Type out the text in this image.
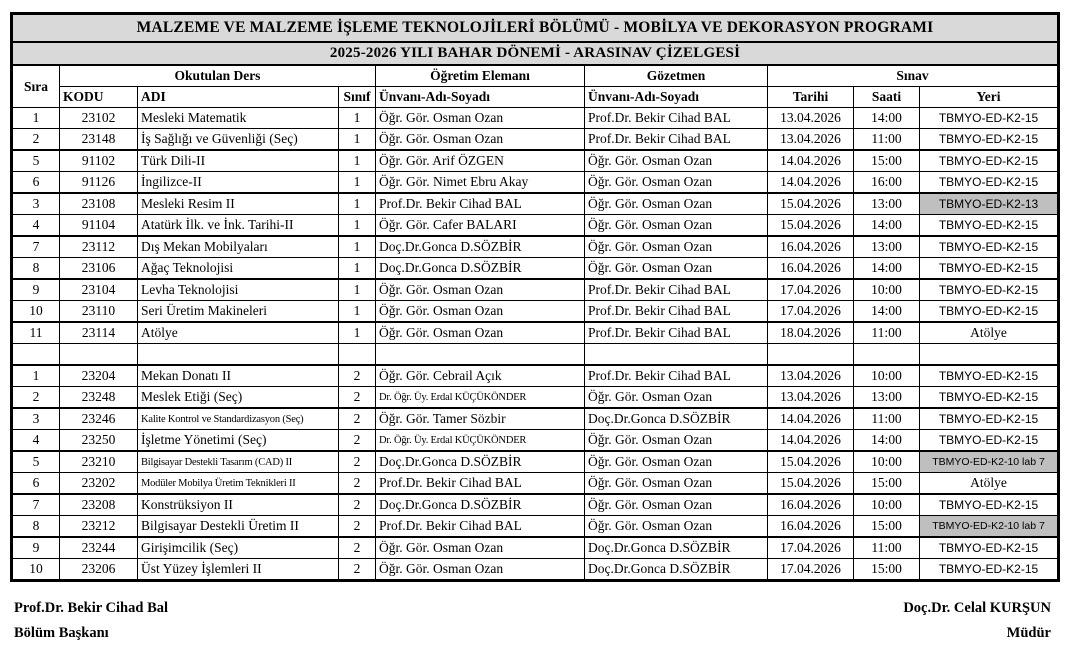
MALZEME VE MALZEME İŞLEME TEKNOLOJİLERİ BÖLÜMÜ - MOBİLYA VE DEKORASYON PROGRAMI								
2025-2026 YILI BAHAR DÖNEMİ - ARASINAV ÇİZELGESİ								
Sıra	Okutulan Ders			Öğretim Elemanı	Gözetmen	Sınav		
	KODU	ADI	Sınıf	Ünvanı-Adı-Soyadı	Ünvanı-Adı-Soyadı	Tarihi	Saati	Yeri
1	23102	Mesleki Matematik	1	Öğr. Gör. Osman Ozan	Prof.Dr. Bekir Cihad BAL	13.04.2026	14:00	TBMYO-ED-K2-15
2	23148	İş Sağlığı ve Güvenliği (Seç)	1	Öğr. Gör. Osman Ozan	Prof.Dr. Bekir Cihad BAL	13.04.2026	11:00	TBMYO-ED-K2-15
5	91102	Türk Dili-II	1	Öğr. Gör. Arif ÖZGEN	Öğr. Gör. Osman Ozan	14.04.2026	15:00	TBMYO-ED-K2-15
6	91126	İngilizce-II	1	Öğr. Gör. Nimet Ebru Akay	Öğr. Gör. Osman Ozan	14.04.2026	16:00	TBMYO-ED-K2-15
3	23108	Mesleki Resim II	1	Prof.Dr. Bekir Cihad BAL	Öğr. Gör. Osman Ozan	15.04.2026	13:00	TBMYO-ED-K2-13
4	91104	Atatürk İlk. ve İnk. Tarihi-II	1	Öğr. Gör. Cafer BALARI	Öğr. Gör. Osman Ozan	15.04.2026	14:00	TBMYO-ED-K2-15
7	23112	Dış Mekan Mobilyaları	1	Doç.Dr.Gonca D.SÖZBİR	Öğr. Gör. Osman Ozan	16.04.2026	13:00	TBMYO-ED-K2-15
8	23106	Ağaç Teknolojisi	1	Doç.Dr.Gonca D.SÖZBİR	Öğr. Gör. Osman Ozan	16.04.2026	14:00	TBMYO-ED-K2-15
9	23104	Levha Teknolojisi	1	Öğr. Gör. Osman Ozan	Prof.Dr. Bekir Cihad BAL	17.04.2026	10:00	TBMYO-ED-K2-15
10	23110	Seri Üretim Makineleri	1	Öğr. Gör. Osman Ozan	Prof.Dr. Bekir Cihad BAL	17.04.2026	14:00	TBMYO-ED-K2-15
11	23114	Atölye	1	Öğr. Gör. Osman Ozan	Prof.Dr. Bekir Cihad BAL	18.04.2026	11:00	Atölye

1	23204	Mekan Donatı II	2	Öğr. Gör. Cebrail Açık	Prof.Dr. Bekir Cihad BAL	13.04.2026	10:00	TBMYO-ED-K2-15
2	23248	Meslek Etiği (Seç)	2	Dr. Öğr. Üy. Erdal KÜÇÜKÖNDER	Öğr. Gör. Osman Ozan	13.04.2026	13:00	TBMYO-ED-K2-15
3	23246	Kalite Kontrol ve Standardizasyon (Seç)	2	Öğr. Gör. Tamer Sözbir	Doç.Dr.Gonca D.SÖZBİR	14.04.2026	11:00	TBMYO-ED-K2-15
4	23250	İşletme Yönetimi (Seç)	2	Dr. Öğr. Üy. Erdal KÜÇÜKÖNDER	Öğr. Gör. Osman Ozan	14.04.2026	14:00	TBMYO-ED-K2-15
5	23210	Bilgisayar Destekli Tasarım (CAD) II	2	Doç.Dr.Gonca D.SÖZBİR	Öğr. Gör. Osman Ozan	15.04.2026	10:00	TBMYO-ED-K2-10 lab 7
6	23202	Modüler Mobilya Üretim Teknikleri II	2	Prof.Dr. Bekir Cihad BAL	Öğr. Gör. Osman Ozan	15.04.2026	15:00	Atölye
7	23208	Konstrüksiyon II	2	Doç.Dr.Gonca D.SÖZBİR	Öğr. Gör. Osman Ozan	16.04.2026	10:00	TBMYO-ED-K2-15
8	23212	Bilgisayar Destekli Üretim II	2	Prof.Dr. Bekir Cihad BAL	Öğr. Gör. Osman Ozan	16.04.2026	15:00	TBMYO-ED-K2-10 lab 7
9	23244	Girişimcilik (Seç)	2	Öğr. Gör. Osman Ozan	Doç.Dr.Gonca D.SÖZBİR	17.04.2026	11:00	TBMYO-ED-K2-15
10	23206	Üst Yüzey İşlemleri II	2	Öğr. Gör. Osman Ozan	Doç.Dr.Gonca D.SÖZBİR	17.04.2026	15:00	TBMYO-ED-K2-15
Prof.Dr. Bekir Cihad Bal
Bölüm Başkanı
Doç.Dr. Celal KURŞUN
Müdür
